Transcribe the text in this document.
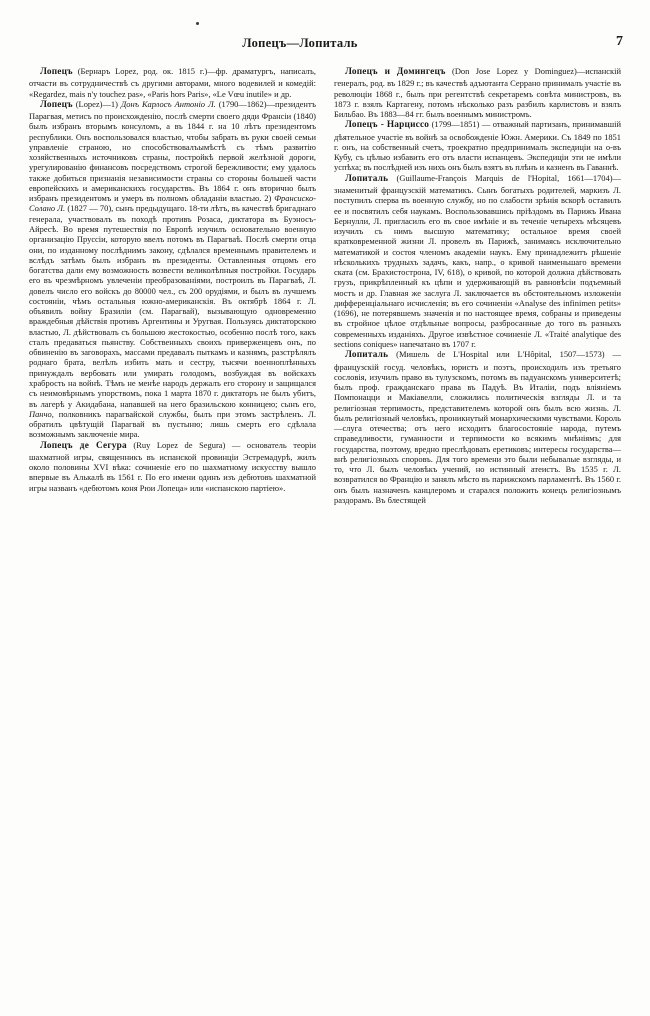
Лопецъ—Лопиталь	7

Лопецъ (Бернаръ Lopez, род. ок. 1815 г.)—фр. драматургъ, написалъ, отчасти въ сотрудничествѣ съ другими авторами, много водевилей и комедій: «Regardez, mais n'y touchez pas», «Paris hors Paris», «Le Vœu inutile» и др.

Лопецъ (Lopez)—1) Донъ Карлосъ Антоніо Л. (1790—1862)—президентъ Парагвая, метисъ по происхожденію, послѣ смерти своего дяди Франсіи (1840) былъ избранъ вторымъ консуломъ, а въ 1844 г. на 10 лѣтъ президентомъ республики. Онъ воспользовался властью, чтобы забрать въ руки своей семьи управленіе страною, но способствовалъымѣстѣ съ тѣмъ развитію хозяйственныхъ источниковъ страны, постройкѣ первой желѣзной дороги, урегулированію финансовъ посредствомъ строгой бережливости; ему удалось также добиться признанія независимости страны со стороны большей части европейскихъ и американскихъ государствъ. Въ 1864 г. онъ вторично былъ избранъ президентомъ и умеръ въ полномъ обладаніи властью. 2) Франсиско-Солано Л. (1827 — 70), сынъ предыдущаго. 18-ти лѣтъ, въ качествѣ бригаднаго генерала, участвовалъ въ походѣ противъ Розаса, диктатора въ Буэносъ-Айресѣ. Во время путешествія по Европѣ изучилъ основательно военную организацію Пруссіи, которую ввелъ потомъ въ Парагваѣ. Послѣ смерти отца они, по изданному послѣднимъ закону, сдѣлался временнымъ правителемъ и вслѣдъ затѣмъ былъ избранъ въ президенты. Оставленныя отцомъ его богатства дали ему возможность возвести великолѣпныя постройки. Государь его въ чрезмѣрномъ увлеченіи преобразованіями, построилъ въ Парагваѣ, Л. довелъ число его войскъ до 80000 чел., съ 200 орудіями, и былъ въ лучшемъ состояніи, чѣмъ остальныя южно-американскія. Въ октябрѣ 1864 г. Л. объявилъ войну Бразиліи (см. Парагвай), вызывающую одновременно враждебныя дѣйствія противъ Аргентины и Уругвая. Пользуясь диктаторскою властью, Л. дѣйствовалъ съ большою жестокостью, особенно послѣ того, какъ сталъ предаваться пьянству. Собственныхъ своихъ приверженцевъ онъ, по обвиненію въ заговорахъ, массами предавалъ пыткамъ и казнямъ, разстрѣлялъ роднаго брата, велѣлъ избить мать и сестру, тысячи военноплѣнныхъ принуждалъ вербовать или умирать голодомъ, возбуждая въ войскахъ храбрость на войнѣ. Тѣмъ не менѣе народъ держалъ его сторону и защищался съ неимовѣрнымъ упорствомъ, пока 1 марта 1870 г. диктаторъ не былъ убитъ, въ лагерѣ у Акидабана, напавшей на него бразильскою конницею; сынъ его, Панчо, полковникъ парагвайской службы, былъ при этомъ застрѣленъ. Л. обратилъ цвѣтущій Парагвай въ пустыню; лишь смерть его сдѣлала возможнымъ заключеніе мира.

Лопецъ де Сегура (Ruy Lopez de Segura) — основатель теоріи шахматной игры, священникъ въ испанской провинціи Эстремадурѣ, жилъ около половины XVI вѣка: сочиненіе его по шахматному искусству вышло впервые въ Алькалѣ въ 1561 г. По его имени одинъ изъ дебютовъ шахматной игры названъ «дебютомъ коня Рюи Лопеца» или «испанскою партіею».

Лопецъ и Домингецъ (Don Jose Lopez y Dominguez)—испанскій генералъ, род. въ 1829 г.; въ качествѣ адъютанта Серрано принималъ участіе въ революціи 1868 г., былъ при регентствѣ секретаремъ совѣта министровъ, въ 1873 г. взялъ Картагену, потомъ нѣсколько разъ разбилъ карлистовъ и взялъ Бильбао. Въ 1883—84 гг. былъ военнымъ министромъ.

Лопецъ - Нарциссо (1799—1851) — отважный партизанъ, принимавшій дѣятельное участіе въ войнѣ за освобожденіе Южн. Америки. Съ 1849 по 1851 г. онъ, на собственный счетъ, троекратно предпринималъ экспедиціи на о-въ Кубу, съ цѣлью избавить его отъ власти испанцевъ. Экспедиціи эти не имѣли успѣха; въ послѣдней изъ нихъ онъ былъ взятъ въ плѣнъ и казненъ въ Гаваннѣ.

Лопиталь (Guillaume-François Marquis de l'Hopital, 1661—1704)—знаменитый французскій математикъ. Сынъ богатыхъ родителей, маркизъ Л. поступилъ сперва въ военную службу, но по слабости зрѣнія вскорѣ оставилъ ее и посвятилъ себя наукамъ. Воспользовавшись пріѣздомъ въ Парижъ Ивана Бернулли, Л. пригласилъ его въ свое имѣніе и въ теченіе четырехъ мѣсяцевъ изучилъ съ нимъ высшую математику; остальное время своей кратковременной жизни Л. провелъ въ Парижѣ, занимаясь исключительно математикой и состоя членомъ академіи наукъ. Ему принадлежитъ рѣшеніе нѣсколькихъ трудныхъ задачъ, какъ, напр., о кривой наименьшаго времени ската (см. Брахистострона, IV, 618), о кривой, по которой должна дѣйствовать грузъ, прикрѣпленный къ цѣпи и удерживающій въ равновѣсіи подъемный мостъ и др. Главная же заслуга Л. заключается въ обстоятельномъ изложеніи дифференціальнаго исчисленія; въ его сочиненіи «Analyse des infinimen petits» (1696), не потерявшемъ значенія и по настоящее время, собраны и приведены въ стройное цѣлое отдѣльные вопросы, разбросанные до того въ разныхъ современныхъ изданіяхъ. Другое извѣстное сочиненіе Л. «Traité analytique des sections coniques» напечатано въ 1707 г.

Лопиталь (Мишель de L'Hospital или L'Hôpital, 1507—1573) — французскій госуд. человѣкъ, юристъ и поэтъ, происходилъ изъ третьяго сословія, изучилъ право въ тулузскомъ, потомъ въ падуанскомъ университетѣ; былъ проф. гражданскаго права въ Падуѣ. Въ Италіи, подъ вліяніемъ Помпонацци и Макіавелли, сложились политическія взгляды Л. и та религіозная терпимость, представителемъ которой онъ былъ всю жизнь. Л. былъ религіозный человѣкъ, проникнутый монархическими чувствами. Король—слуга отечества; отъ него исходитъ благосостояніе народа, путемъ справедливости, гуманности и терпимости ко всякимъ мнѣніямъ; для государства, поэтому, вредно преслѣдовать еретиковъ; интересы государства—внѣ религіозныхъ споровъ. Для того времени это были небывалые взгляды, и то, что Л. былъ человѣкъ учений, но истинный атеистъ. Въ 1535 г. Л. возвратился во Францію и занялъ мѣсто въ парижскомъ парламентѣ. Въ 1560 г. онъ былъ назначенъ канцлеромъ и старался положить конецъ религіознымъ раздорамъ. Въ блестящей
